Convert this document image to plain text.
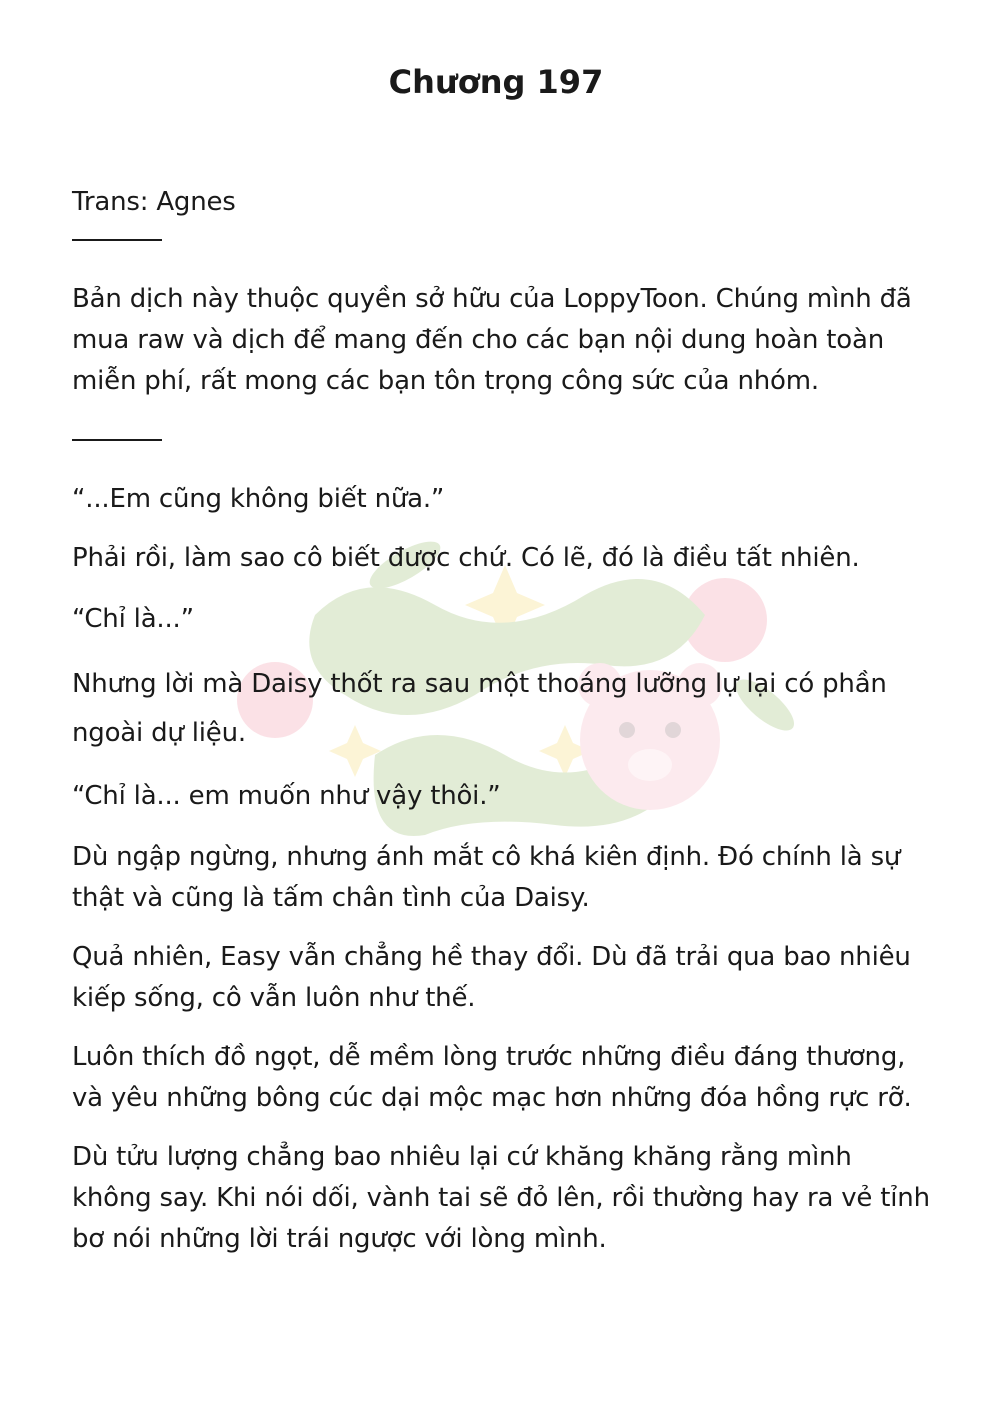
Chương 197

Trans: Agnes

Bản dịch này thuộc quyền sở hữu của LoppyToon. Chúng mình đã mua raw và dịch để mang đến cho các bạn nội dung hoàn toàn miễn phí, rất mong các bạn tôn trọng công sức của nhóm.

“...Em cũng không biết nữa.”

Phải rồi, làm sao cô biết được chứ. Có lẽ, đó là điều tất nhiên.

“Chỉ là...”

Nhưng lời mà Daisy thốt ra sau một thoáng lưỡng lự lại có phần ngoài dự liệu.

“Chỉ là... em muốn như vậy thôi.”

Dù ngập ngừng, nhưng ánh mắt cô khá kiên định. Đó chính là sự thật và cũng là tấm chân tình của Daisy.

Quả nhiên, Easy vẫn chẳng hề thay đổi. Dù đã trải qua bao nhiêu kiếp sống, cô vẫn luôn như thế.

Luôn thích đồ ngọt, dễ mềm lòng trước những điều đáng thương, và yêu những bông cúc dại mộc mạc hơn những đóa hồng rực rỡ.

Dù tửu lượng chẳng bao nhiêu lại cứ khăng khăng rằng mình không say. Khi nói dối, vành tai sẽ đỏ lên, rồi thường hay ra vẻ tỉnh bơ nói những lời trái ngược với lòng mình.
